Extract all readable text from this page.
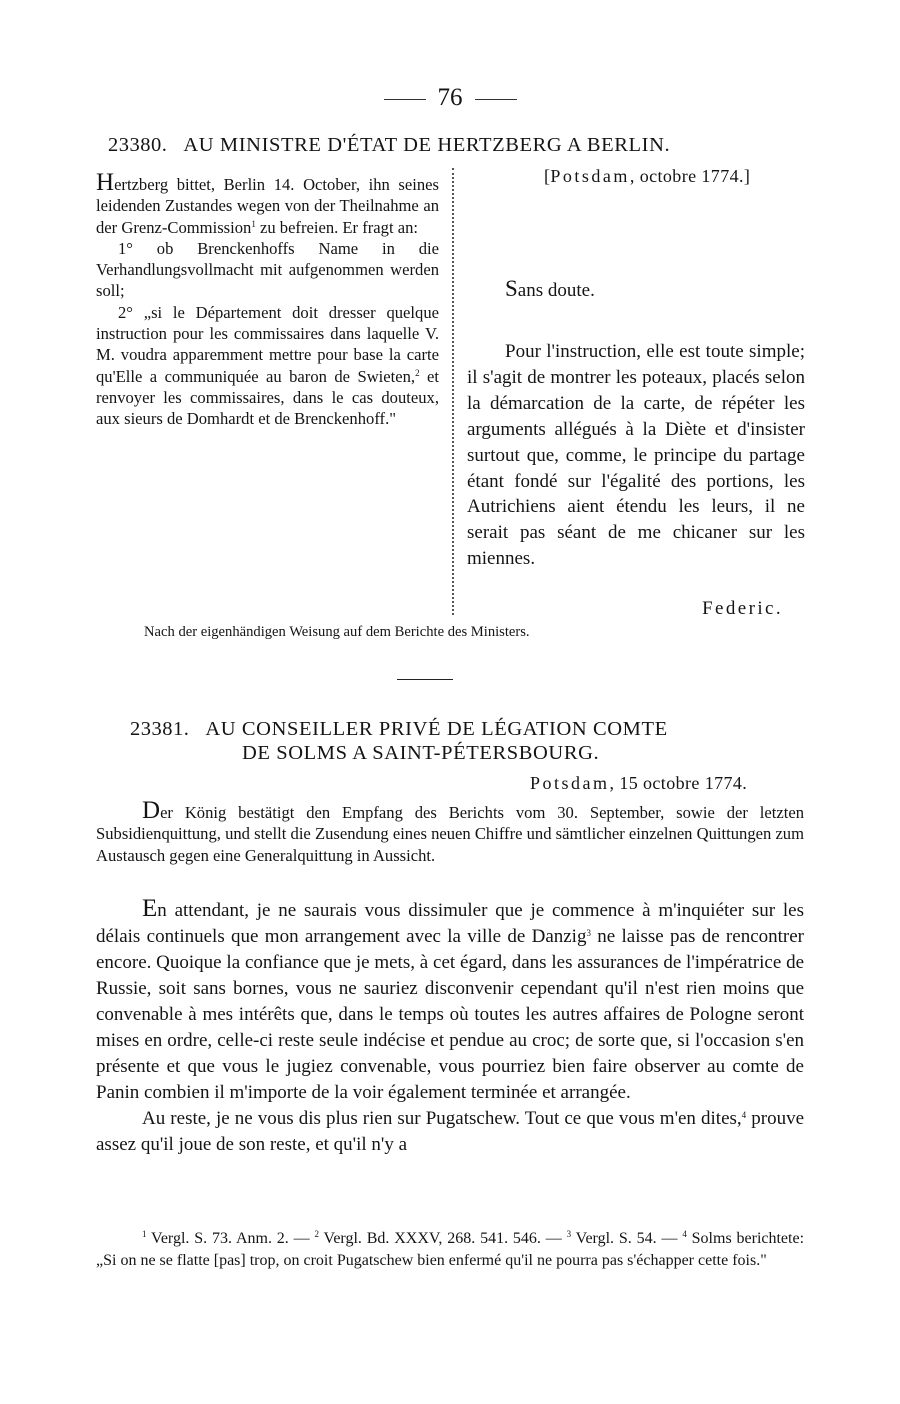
76
23380. AU MINISTRE D'ÉTAT DE HERTZBERG A BERLIN.

Hertzberg bittet, Berlin 14. October, ihn seines leidenden Zustandes wegen von der Theilnahme an der Grenz-Commission$^1$ zu befreien. Er fragt an:

1° ob Brenckenhoffs Name in die Verhandlungsvollmacht mit aufgenommen werden soll;

2° „si le Département doit dresser quelque instruction pour les commissaires dans laquelle V. M. voudra apparemment mettre pour base la carte qu'Elle a communiquée au baron de Swieten,$^2$ et renvoyer les commissaires, dans le cas douteux, aux sieurs de Domhardt et de Brenckenhoff."

[Potsdam, octobre 1774.]

Sans doute.

Pour l'instruction, elle est toute simple; il s'agit de montrer les poteaux, placés selon la démarcation de la carte, de répéter les arguments allégués à la Diète et d'insister surtout que, comme, le principe du partage étant fondé sur l'égalité des portions, les Autrichiens aient étendu les leurs, il ne serait pas séant de me chicaner sur les miennes.

Federic.
Nach der eigenhändigen Weisung auf dem Berichte des Ministers.
23381. AU CONSEILLER PRIVÉ DE LÉGATION COMTE
DE SOLMS A SAINT-PÉTERSBOURG.
Potsdam, 15 octobre 1774.

Der König bestätigt den Empfang des Berichts vom 30. September, sowie der letzten Subsidienquittung, und stellt die Zusendung eines neuen Chiffre und sämtlicher einzelnen Quittungen zum Austausch gegen eine Generalquittung in Aussicht.

En attendant, je ne saurais vous dissimuler que je commence à m'inquiéter sur les délais continuels que mon arrangement avec la ville de Danzig$^3$ ne laisse pas de rencontrer encore. Quoique la confiance que je mets, à cet égard, dans les assurances de l'impératrice de Russie, soit sans bornes, vous ne sauriez disconvenir cependant qu'il n'est rien moins que convenable à mes intérêts que, dans le temps où toutes les autres affaires de Pologne seront mises en ordre, celle-ci reste seule indécise et pendue au croc; de sorte que, si l'occasion s'en présente et que vous le jugiez convenable, vous pourriez bien faire observer au comte de Panin combien il m'importe de la voir également terminée et arrangée.

Au reste, je ne vous dis plus rien sur Pugatschew. Tout ce que vous m'en dites,$^4$ prouve assez qu'il joue de son reste, et qu'il n'y a

$^1$ Vergl. S. 73. Anm. 2. — $^2$ Vergl. Bd. XXXV, 268. 541. 546. — $^3$ Vergl. S. 54. — $^4$ Solms berichtete: „Si on ne se flatte [pas] trop, on croit Pugatschew bien enfermé qu'il ne pourra pas s'échapper cette fois."
